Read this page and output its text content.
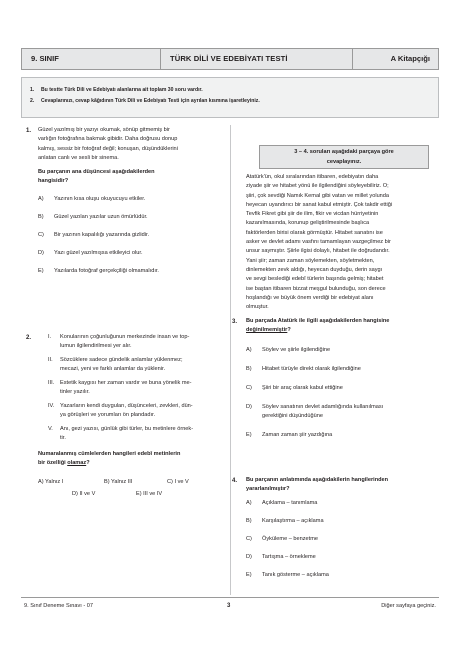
9. SINIF	TÜRK DİLİ VE EDEBİYATI TESTİ	A Kitapçığı
1. Bu testte Türk Dili ve Edebiyatı alanlarına ait toplam 30 soru vardır.
2. Cevaplarınızı, cevap kâğıdının Türk Dili ve Edebiyatı Testi için ayrılan kısmına işaretleyiniz.
1. Güzel yazılmış bir yazıyı okumak, sönüp gitmemiş bir
varlığın fotoğrafına bakmak gibidir. Daha doğrusu donup
kalmış, sessiz bir fotoğraf değil; konuşan, düşündüklerini
anlatan canlı ve sesli bir sinema.
Bu parçanın ana düşüncesi aşağıdakilerden
hangisidir?
A) Yazının kısa oluşu okuyucuyu etkiler.
B) Güzel yazılan yazılar uzun ömürlüdür.
C) Bir yazının kapalılığı yazarında gizlidir.
D) Yazı güzel yazılmışsa etkileyici olur.
E) Yazılarda fotoğraf gerçekçiliği olmamalıdır.
2.	I. Konularının çoğunluğunun merkezinde insan ve top-
lumun ilgilendirilmesi yer alır.
II. Sözcüklere sadece gündelik anlamlar yüklenmez;
mecazi, yeni ve farklı anlamlar da yüklenir.
III. Estetik kaygısı her zaman vardır ve buna yönelik me-
tinler yazılır.
IV. Yazarların kendi duyguları, düşünceleri, zevkleri, dün-
ya görüşleri ve yorumları ön plandadır.
V. Anı, gezi yazısı, günlük gibi türler, bu metinlere örnek-
tir.
Numaralanmış cümlelerden hangileri edebî metinlerin
bir özelliği olamaz?
A) Yalnız I	B) Yalnız III	C) I ve V
D) II ve V	E) III ve IV
3 – 4. soruları aşağıdaki parçaya göre
cevaplayınız.
Atatürk'ün, okul sıralarından itibaren, edebiyatın daha
ziyade şiir ve hitabet yönü ile ilgilendiğini söyleyebiliriz. O;
şiiri, çok sevdiği Namık Kemal gibi vatan ve millet yolunda
heyecan uyandırıcı bir sanat kabul etmiştir. Çok takdir ettiği
Tevfik Fikret gibi şiir de ilim, fikir ve vicdan hürriyetinin
kazanılmasında, korunup geliştirilmesinde başlıca
faktörlerden birisi olarak görmüştür. Hitabet sanatını ise
asker ve devlet adamı vasfını tamamlayan vazgeçilmez bir
unsur saymıştır. Şiirle ilgisi dolaylı, hitabet ile doğrudandır.
Yani şiir; zaman zaman söylemekten, söyletmekten,
dinlemekten zevk aldığı, heyecan duyduğu, derin saygı
ve sevgi beslediği edebî türlerin başında gelmiş; hitabet
ise baştan itibaren bizzat meşgul bulunduğu, son derece
hoşlandığı ve büyük önem verdiği bir edebiyat alanı
olmuştur.
3. Bu parçada Atatürk ile ilgili aşağıdakilerden hangisine
değinilmemiştir?
A) Söylev ve şiirle ilgilendiğine
B) Hitabet türüyle direkt olarak ilgilendiğine
C) Şiiri bir araç olarak kabul ettiğine
D) Söylev sanatının devlet adamlığında kullanılması
gerektiğini düşündüğüne
E) Zaman zaman şiir yazdığına
4. Bu parçanın anlatımında aşağıdakilerin hangilerinden
yararlanılmıştır?
A) Açıklama – tanımlama
B) Karşılaştırma – açıklama
C) Öyküleme – benzetme
D) Tartışma – örnekleme
E) Tanık gösterme – açıklama
9. Sınıf Deneme Sınavı - 07	3	Diğer sayfaya geçiniz.
